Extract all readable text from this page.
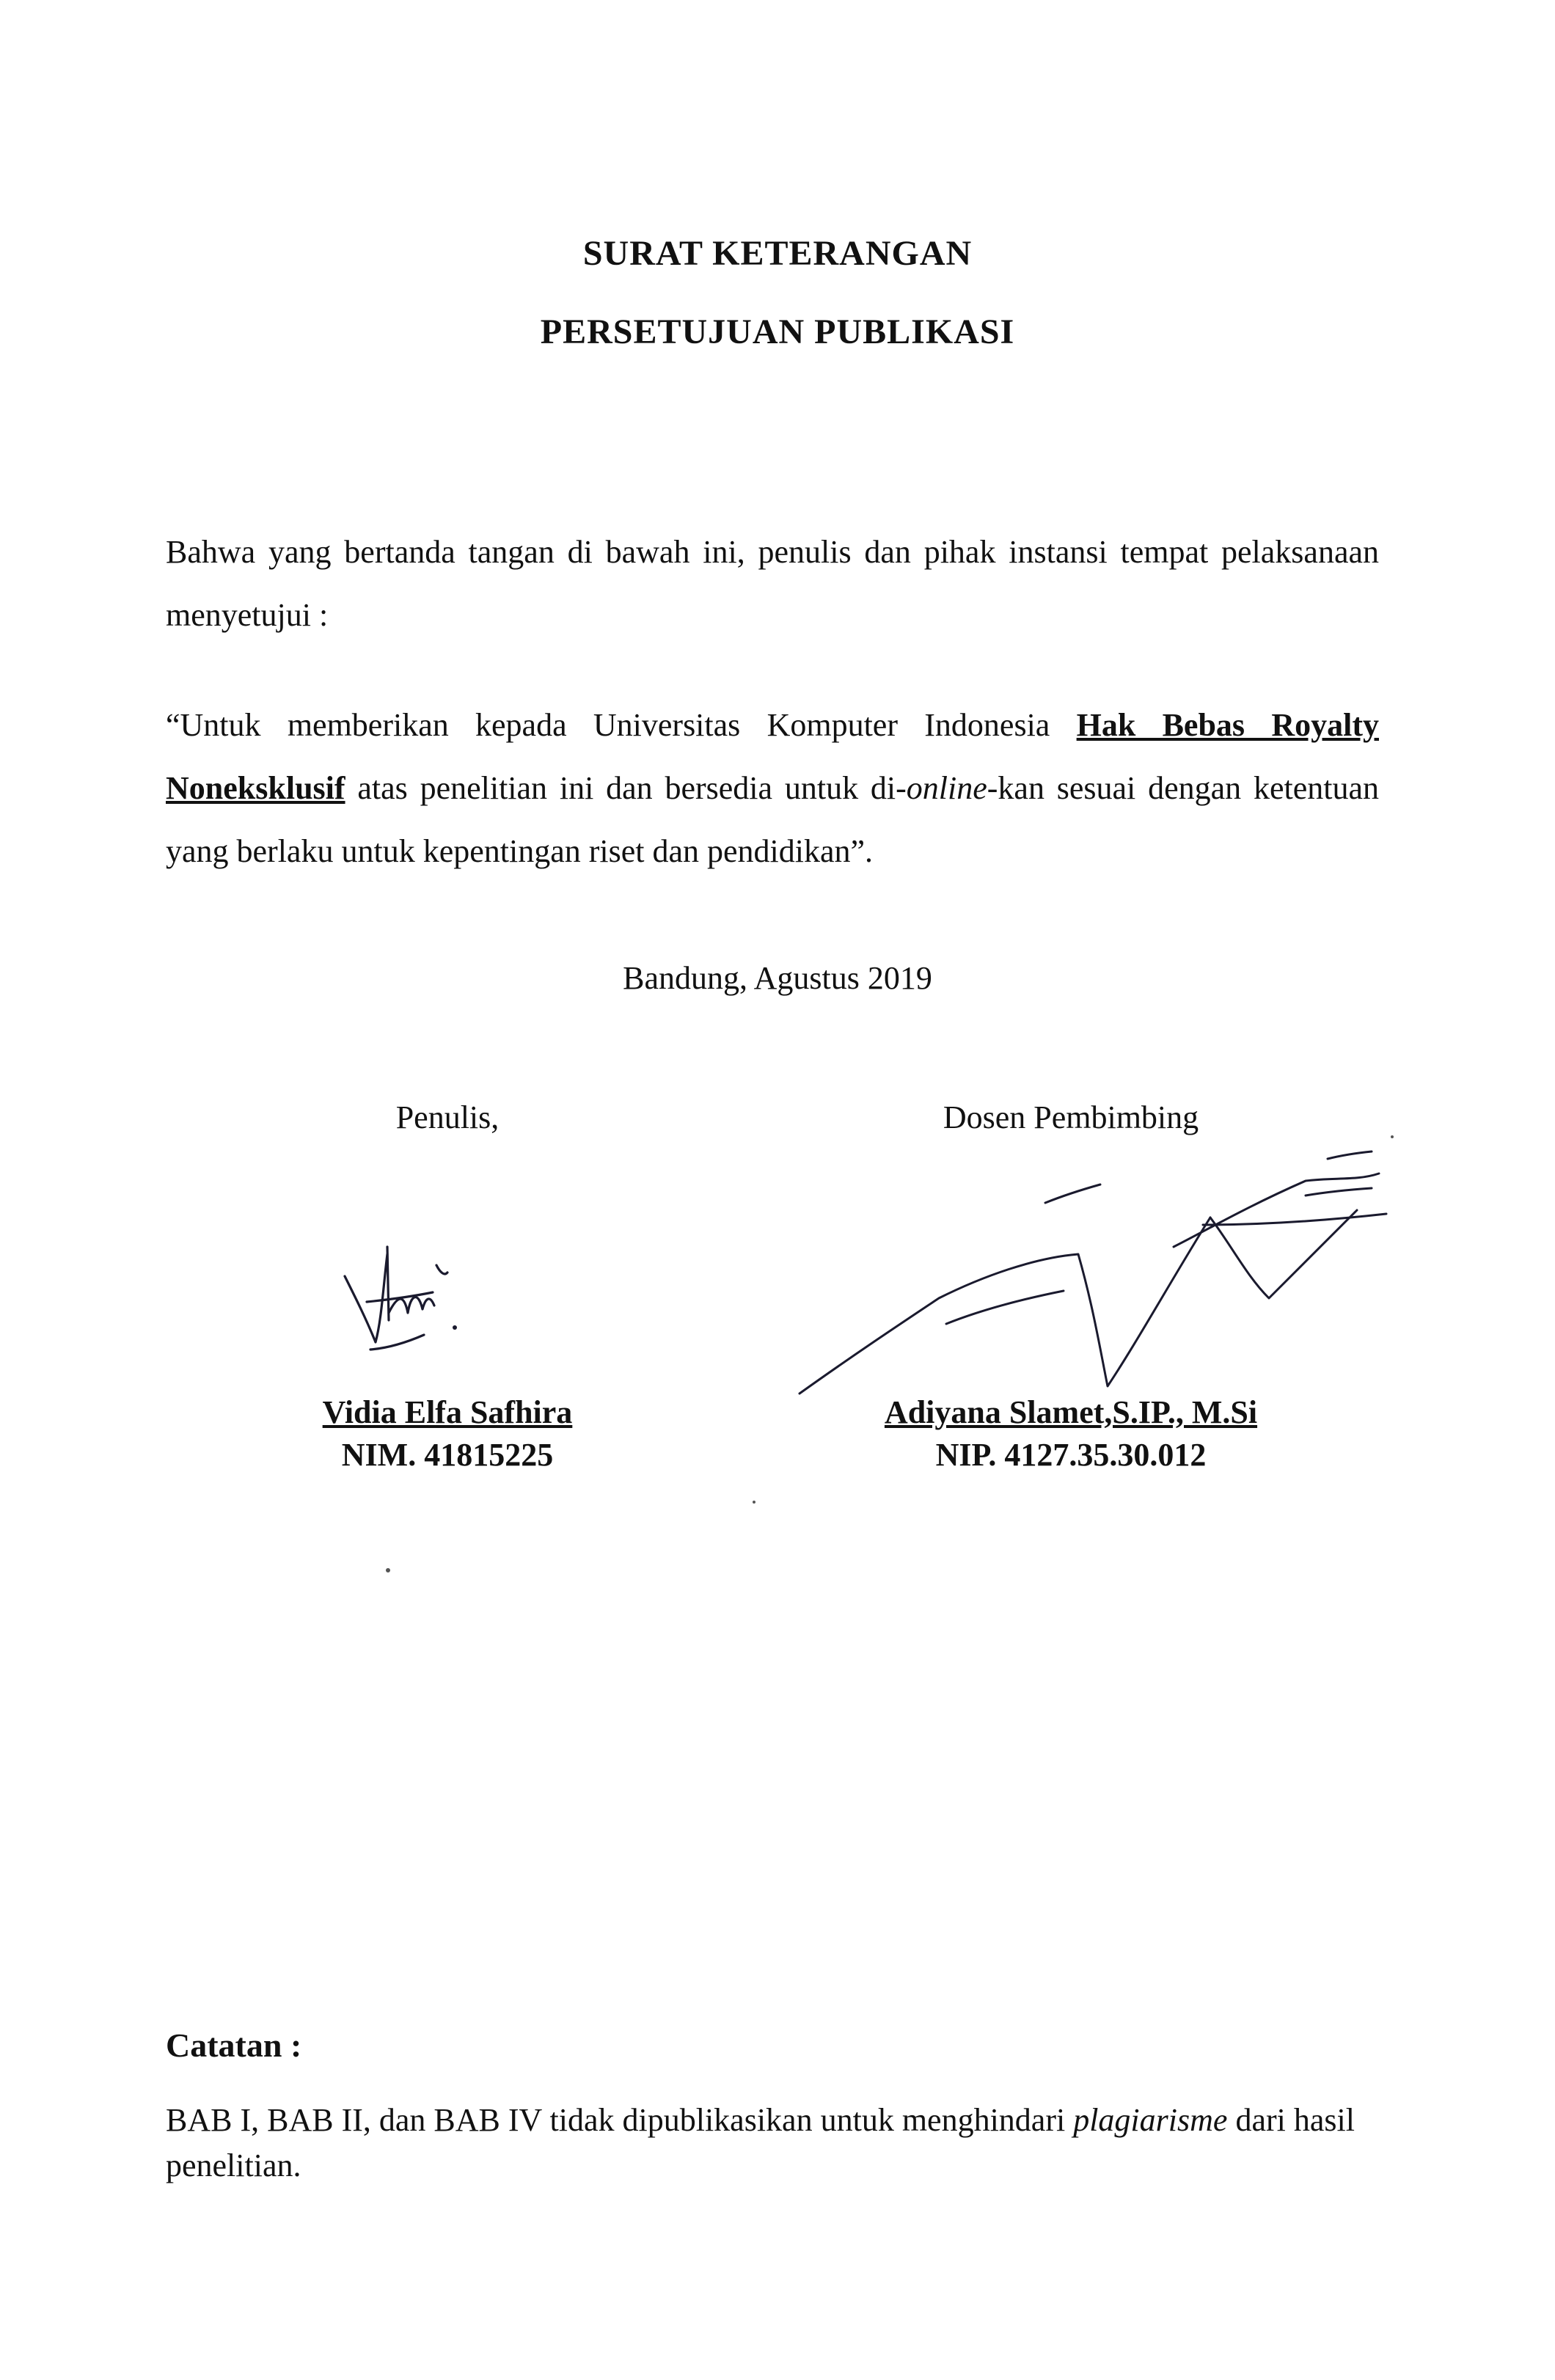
SURAT KETERANGAN
PERSETUJUAN PUBLIKASI
Bahwa yang bertanda tangan di bawah ini, penulis dan pihak instansi tempat pelaksanaan menyetujui :
“Untuk memberikan kepada Universitas Komputer Indonesia Hak Bebas Royalty Noneksklusif atas penelitian ini dan bersedia untuk di-online-kan sesuai dengan ketentuan yang berlaku untuk kepentingan riset dan pendidikan”.
Bandung, Agustus 2019
Penulis,
Vidia Elfa Safhira
NIM. 41815225
Dosen Pembimbing
Adiyana Slamet,S.IP., M.Si
NIP. 4127.35.30.012
Catatan :
BAB I, BAB II, dan BAB IV tidak dipublikasikan untuk menghindari plagiarisme dari hasil penelitian.
